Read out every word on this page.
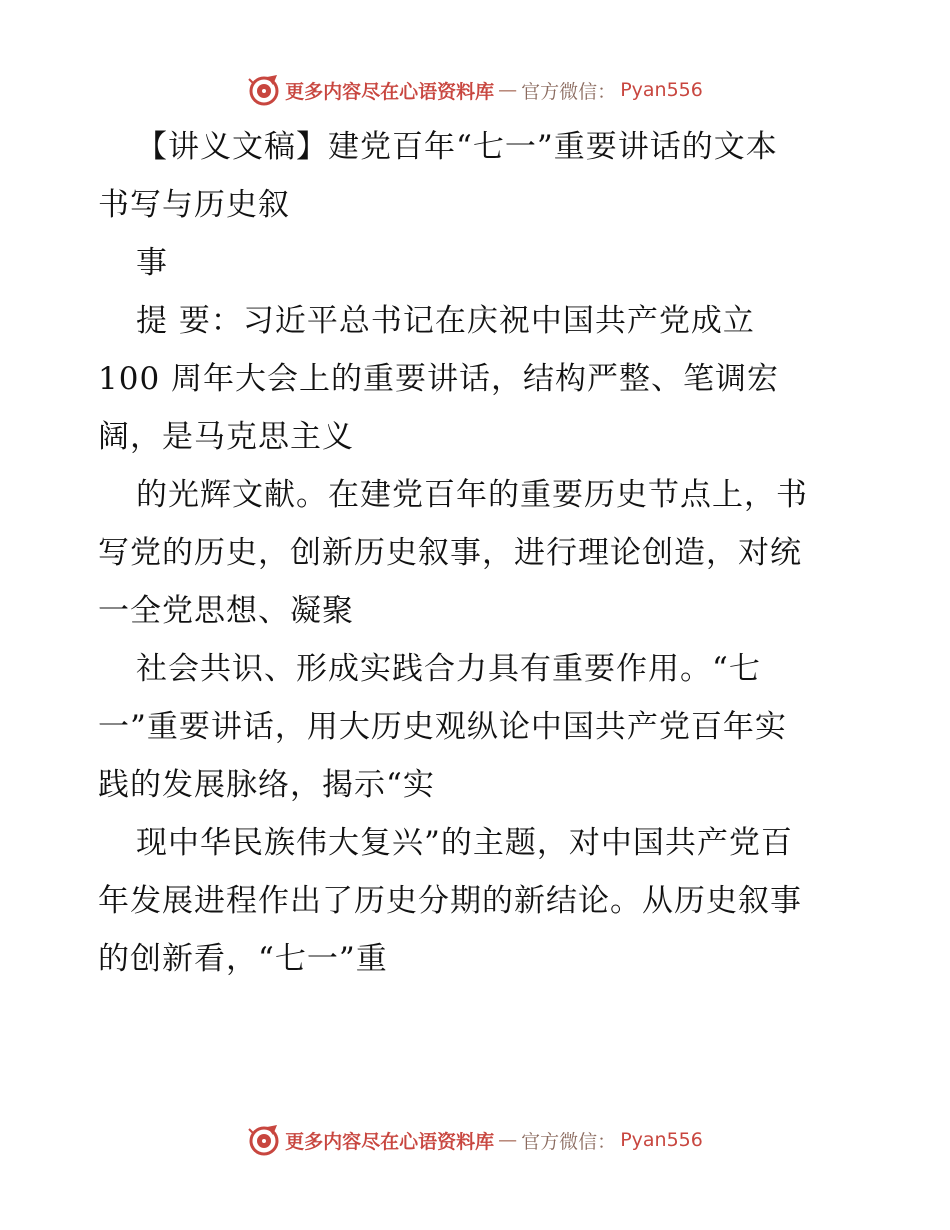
更多内容尽在心语资料库 — 官方微信： Pyan556
【讲义文稿】建党百年“七一”重要讲话的文本
书写与历史叙
事
提 要：习近平总书记在庆祝中国共产党成立
100 周年大会上的重要讲话，结构严整、笔调宏
阔，是马克思主义
的光辉文献。在建党百年的重要历史节点上，书
写党的历史，创新历史叙事，进行理论创造，对统
一全党思想、凝聚
社会共识、形成实践合力具有重要作用。“七
一”重要讲话，用大历史观纵论中国共产党百年实
践的发展脉络，揭示“实
现中华民族伟大复兴”的主题，对中国共产党百
年发展进程作出了历史分期的新结论。从历史叙事
的创新看，“七一”重
更多内容尽在心语资料库 — 官方微信： Pyan556
